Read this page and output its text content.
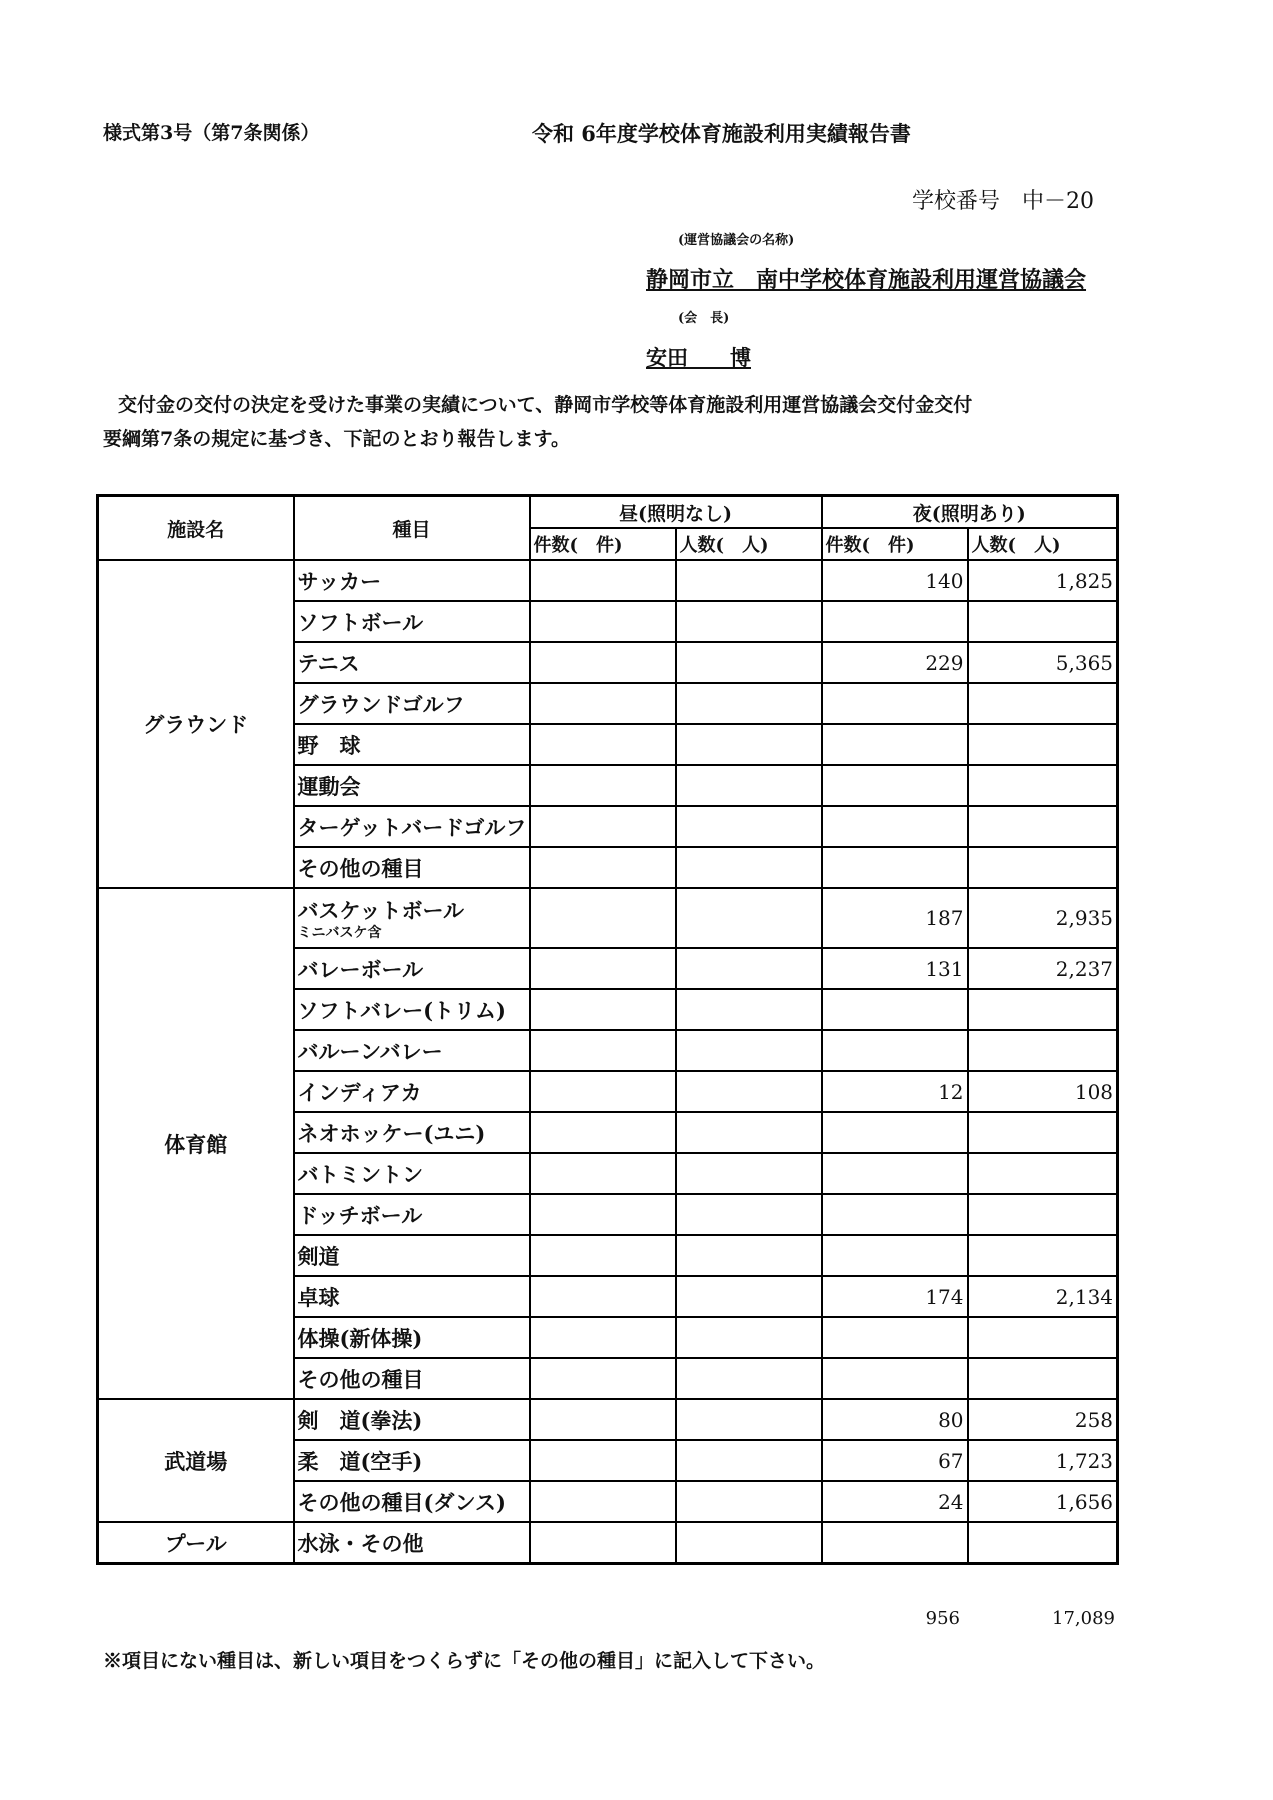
様式第3号（第7条関係）	令和 6年度学校体育施設利用実績報告書
学校番号　中－20
(運営協議会の名称)
静岡市立　南中学校体育施設利用運営協議会
(会　長)
安田　　博
交付金の交付の決定を受けた事業の実績について、静岡市学校等体育施設利用運営協議会交付金交付
要綱第7条の規定に基づき、下記のとおり報告します。
施設名	種目	昼(照明なし)		夜(照明あり)	
		件数(　件)	人数(　人)	件数(　件)	人数(　人)
グラウンド	サッカー			140	1,825
	ソフトボール				
	テニス			229	5,365
	グラウンドゴルフ				
	野　球				
	運動会				
	ターゲットバードゴルフ				
	その他の種目				
体育館	バスケットボール
ミニバスケ含			187	2,935
	バレーボール			131	2,237
	ソフトバレー(トリム)				
	バルーンバレー				
	インディアカ			12	108
	ネオホッケー(ユニ)				
	バトミントン				
	ドッチボール				
	剣道				
	卓球			174	2,134
	体操(新体操)				
	その他の種目				
武道場	剣　道(拳法)			80	258
	柔　道(空手)			67	1,723
	その他の種目(ダンス)			24	1,656
プール	水泳・その他				
956	17,089
※項目にない種目は、新しい項目をつくらずに「その他の種目」に記入して下さい。
